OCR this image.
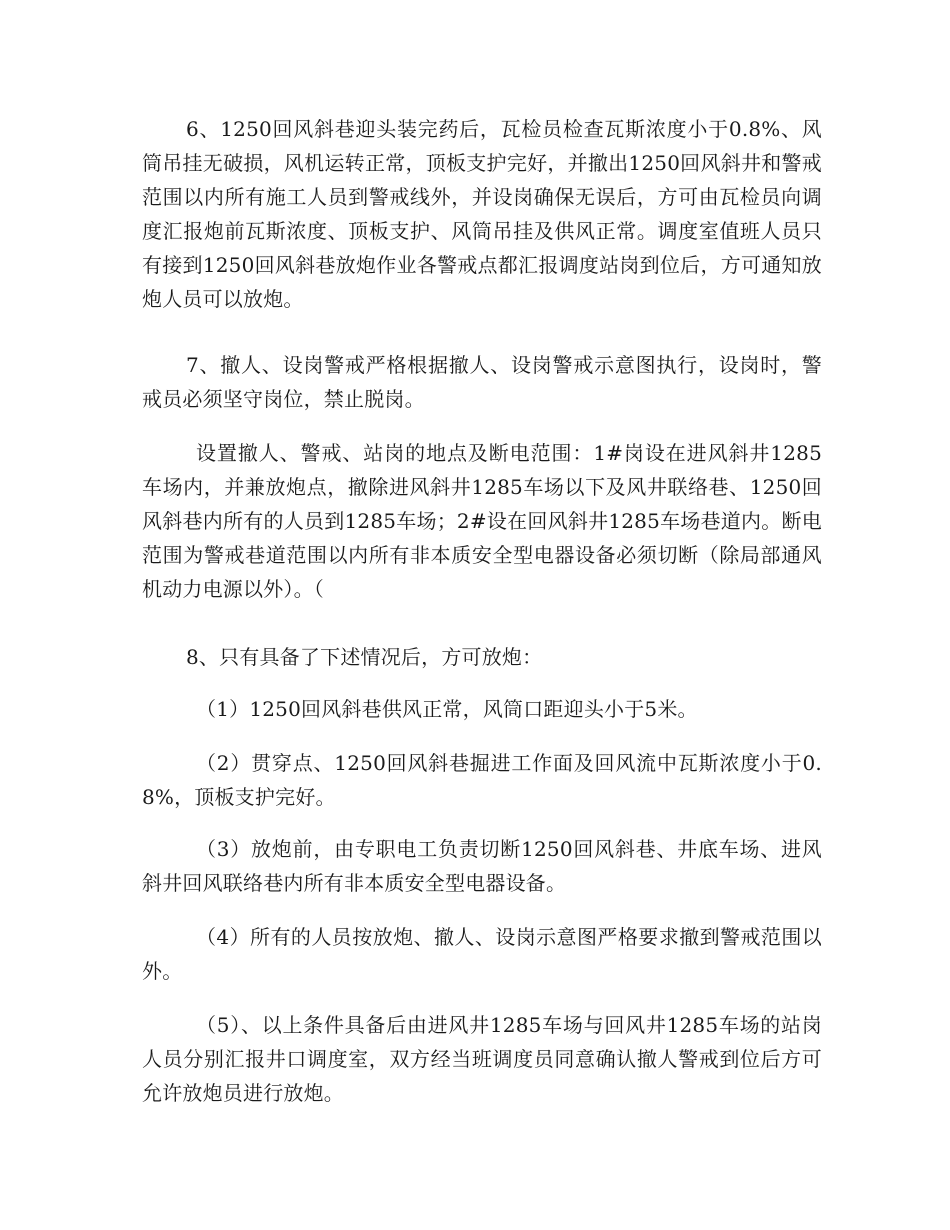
6、1250回风斜巷迎头装完药后，瓦检员检查瓦斯浓度小于0.8%、风筒吊挂无破损，风机运转正常，顶板支护完好，并撤出1250回风斜井和警戒范围以内所有施工人员到警戒线外，并设岗确保无误后，方可由瓦检员向调度汇报炮前瓦斯浓度、顶板支护、风筒吊挂及供风正常。调度室值班人员只有接到1250回风斜巷放炮作业各警戒点都汇报调度站岗到位后，方可通知放炮人员可以放炮。

7、撤人、设岗警戒严格根据撤人、设岗警戒示意图执行，设岗时，警戒员必须坚守岗位，禁止脱岗。

设置撤人、警戒、站岗的地点及断电范围：1#岗设在进风斜井1285车场内，并兼放炮点，撤除进风斜井1285车场以下及风井联络巷、1250回风斜巷内所有的人员到1285车场；2#设在回风斜井1285车场巷道内。断电范围为警戒巷道范围以内所有非本质安全型电器设备必须切断（除局部通风机动力电源以外）。（

8、只有具备了下述情况后，方可放炮：

（1）1250回风斜巷供风正常，风筒口距迎头小于5米。

（2）贯穿点、1250回风斜巷掘进工作面及回风流中瓦斯浓度小于0.8%，顶板支护完好。

（3）放炮前，由专职电工负责切断1250回风斜巷、井底车场、进风斜井回风联络巷内所有非本质安全型电器设备。

（4）所有的人员按放炮、撤人、设岗示意图严格要求撤到警戒范围以外。

（5）、以上条件具备后由进风井1285车场与回风井1285车场的站岗人员分别汇报井口调度室，双方经当班调度员同意确认撤人警戒到位后方可允许放炮员进行放炮。
